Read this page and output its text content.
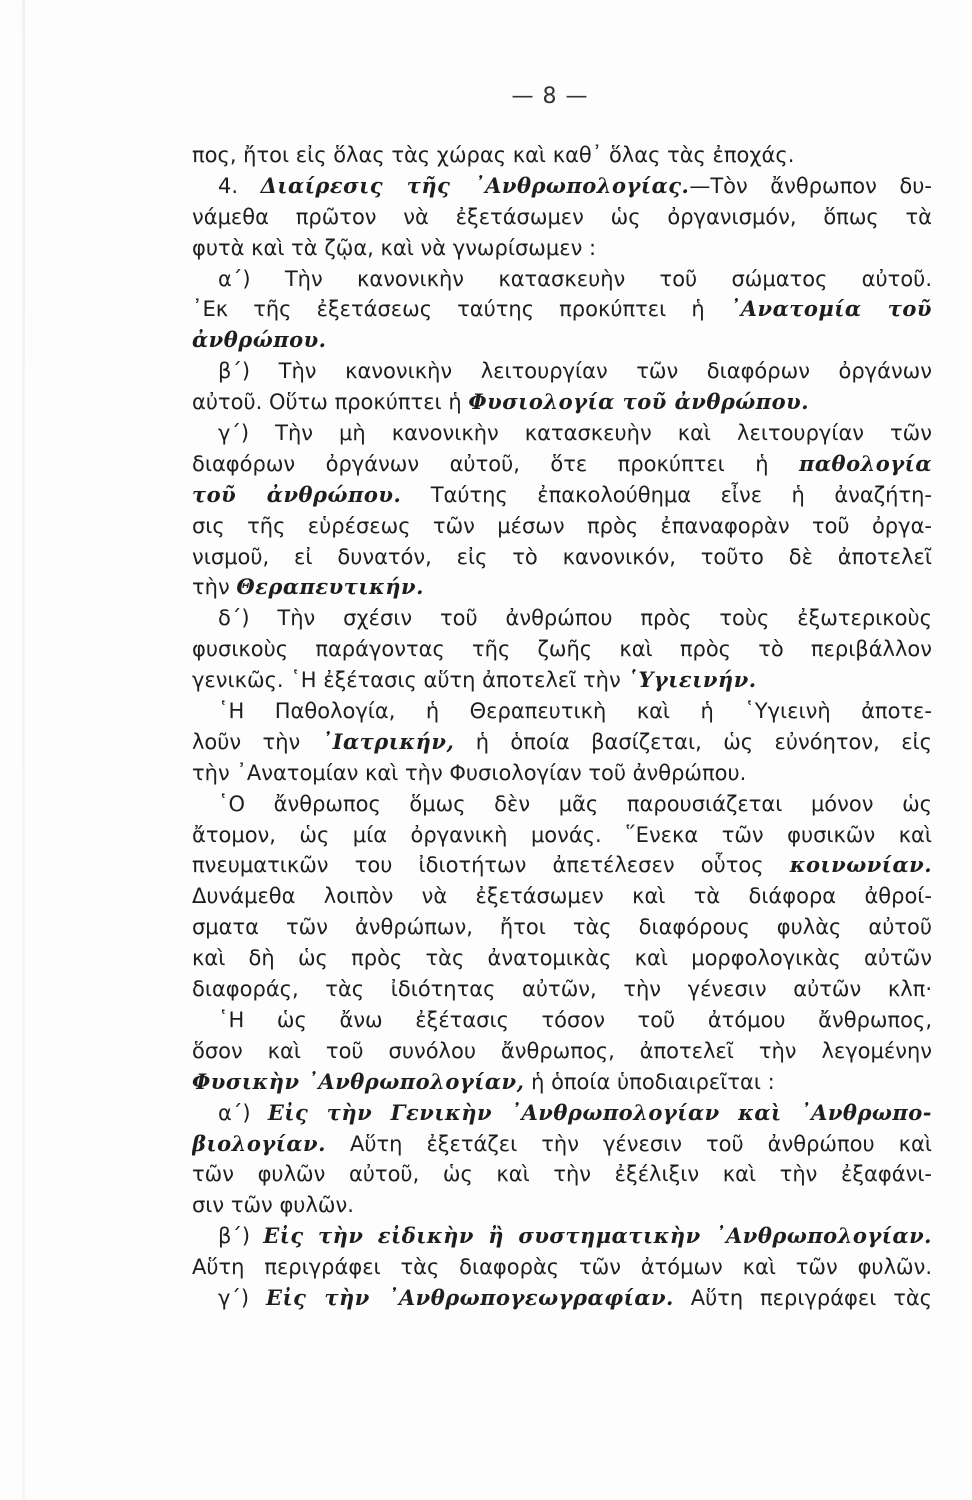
— 8 —
πος, ἤτοι εἰς ὅλας τὰς χώρας καὶ καθ᾽ ὅλας τὰς ἐποχάς.
4. Διαίρεσις τῆς ᾽Ανθρωπολογίας.—Τὸν ἄνθρωπον δυ-
νάμεθα πρῶτον νὰ ἐξετάσωμεν ὡς ὀργανισμόν, ὅπως τὰ
φυτὰ καὶ τὰ ζῷα, καὶ νὰ γνωρίσωμεν :
α´) Τὴν κανονικὴν κατασκευὴν τοῦ σώματος αὐτοῦ.
᾽Εκ τῆς ἐξετάσεως ταύτης προκύπτει ἡ ᾽Ανατομία τοῦ
ἀνθρώπου.
β´) Τὴν κανονικὴν λειτουργίαν τῶν διαφόρων ὀργάνων
αὐτοῦ. Οὕτω προκύπτει ἡ Φυσιολογία τοῦ ἀνθρώπου.
γ´) Τὴν μὴ κανονικὴν κατασκευὴν καὶ λειτουργίαν τῶν
διαφόρων ὀργάνων αὐτοῦ, ὅτε προκύπτει ἡ παθολογία
τοῦ ἀνθρώπου. Ταύτης ἐπακολούθημα εἶνε ἡ ἀναζήτη-
σις τῆς εὑρέσεως τῶν μέσων πρὸς ἐπαναφορὰν τοῦ ὀργα-
νισμοῦ, εἰ δυνατόν, εἰς τὸ κανονικόν, τοῦτο δὲ ἀποτελεῖ
τὴν Θεραπευτικήν.
δ´) Τὴν σχέσιν τοῦ ἀνθρώπου πρὸς τοὺς ἐξωτερικοὺς
φυσικοὺς παράγοντας τῆς ζωῆς καὶ πρὸς τὸ περιβάλλον
γενικῶς. ῾Η ἐξέτασις αὕτη ἀποτελεῖ τὴν ῾Υγιεινήν.
῾Η Παθολογία, ἡ Θεραπευτικὴ καὶ ἡ ῾Υγιεινὴ ἀποτε-
λοῦν τὴν ᾽Ιατρικήν, ἡ ὁποία βασίζεται, ὡς εὐνόητον, εἰς
τὴν ᾽Ανατομίαν καὶ τὴν Φυσιολογίαν τοῦ ἀνθρώπου.
῾Ο ἄνθρωπος ὅμως δὲν μᾶς παρουσιάζεται μόνον ὡς
ἄτομον, ὡς μία ὀργανικὴ μονάς. ῞Ενεκα τῶν φυσικῶν καὶ
πνευματικῶν του ἰδιοτήτων ἀπετέλεσεν οὗτος κοινωνίαν.
Δυνάμεθα λοιπὸν νὰ ἐξετάσωμεν καὶ τὰ διάφορα ἀθροί-
σματα τῶν ἀνθρώπων, ἤτοι τὰς διαφόρους φυλὰς αὐτοῦ
καὶ δὴ ὡς πρὸς τὰς ἀνατομικὰς καὶ μορφολογικὰς αὐτῶν
διαφοράς, τὰς ἰδιότητας αὐτῶν, τὴν γένεσιν αὐτῶν κλπ·
῾Η ὡς ἄνω ἐξέτασις τόσον τοῦ ἀτόμου ἄνθρωπος,
ὅσον καὶ τοῦ συνόλου ἄνθρωπος, ἀποτελεῖ τὴν λεγομένην
Φυσικὴν ᾽Ανθρωπολογίαν, ἡ ὁποία ὑποδιαιρεῖται :
α´) Εἰς τὴν Γενικὴν ᾽Ανθρωπολογίαν καὶ ᾽Ανθρωπο-
βιολογίαν. Αὕτη ἐξετάζει τὴν γένεσιν τοῦ ἀνθρώπου καὶ
τῶν φυλῶν αὐτοῦ, ὡς καὶ τὴν ἐξέλιξιν καὶ τὴν ἐξαφάνι-
σιν τῶν φυλῶν.
β´) Εἰς τὴν εἰδικὴν ἢ συστηματικὴν ᾽Ανθρωπολογίαν.
Αὕτη περιγράφει τὰς διαφορὰς τῶν ἀτόμων καὶ τῶν φυλῶν.
γ´) Εἰς τὴν ᾽Ανθρωπογεωγραφίαν. Αὕτη περιγράφει τὰς
